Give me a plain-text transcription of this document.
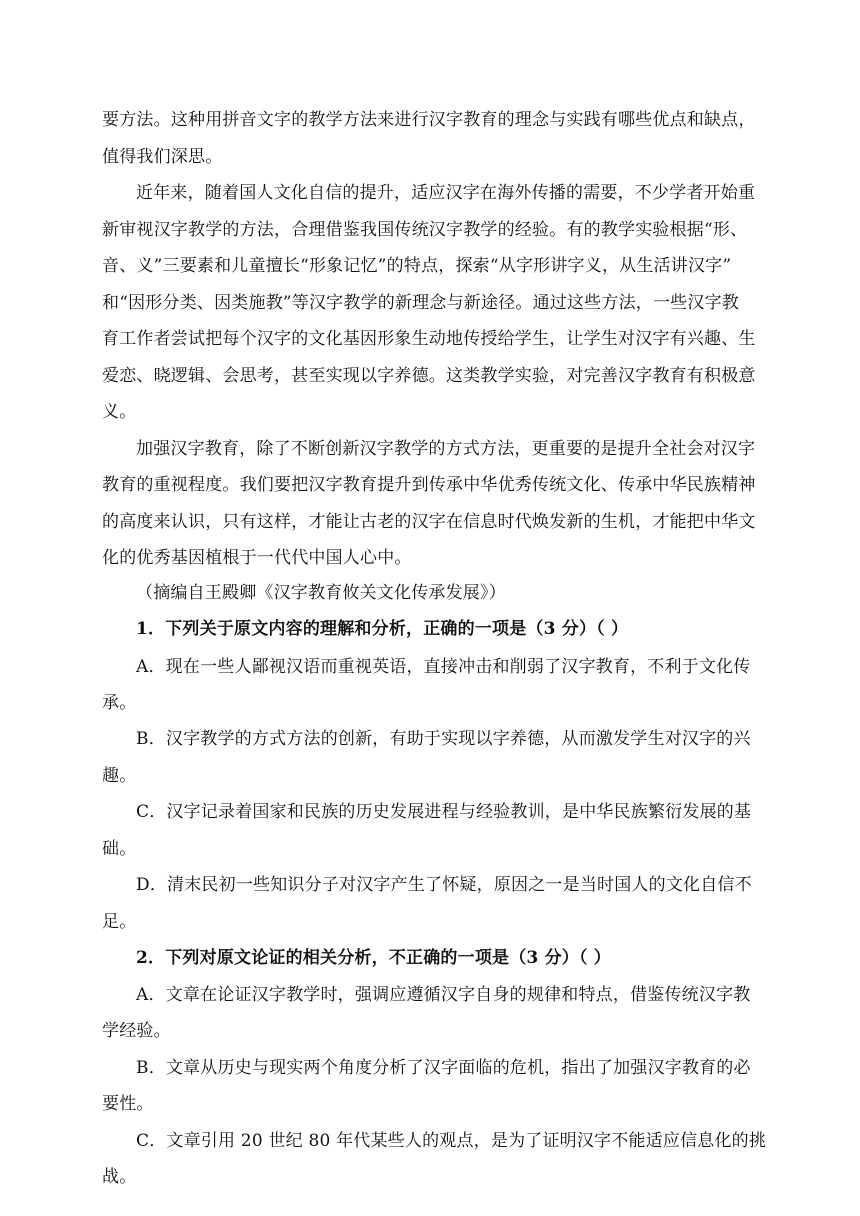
要方法。这种用拼音文字的教学方法来进行汉字教育的理念与实践有哪些优点和缺点，
值得我们深思。
近年来，随着国人文化自信的提升，适应汉字在海外传播的需要，不少学者开始重
新审视汉字教学的方法，合理借鉴我国传统汉字教学的经验。有的教学实验根据“形、
音、义”三要素和儿童擅长“形象记忆”的特点，探索“从字形讲字义，从生活讲汉字”
和“因形分类、因类施教”等汉字教学的新理念与新途径。通过这些方法，一些汉字教
育工作者尝试把每个汉字的文化基因形象生动地传授给学生，让学生对汉字有兴趣、生
爱恋、晓逻辑、会思考，甚至实现以字养德。这类教学实验，对完善汉字教育有积极意
义。
加强汉字教育，除了不断创新汉字教学的方式方法，更重要的是提升全社会对汉字
教育的重视程度。我们要把汉字教育提升到传承中华优秀传统文化、传承中华民族精神
的高度来认识，只有这样，才能让古老的汉字在信息时代焕发新的生机，才能把中华文
化的优秀基因植根于一代代中国人心中。
（摘编自王殿卿《汉字教育攸关文化传承发展》）
1．下列关于原文内容的理解和分析，正确的一项是（3 分）（ ）
A．现在一些人鄙视汉语而重视英语，直接冲击和削弱了汉字教育，不利于文化传
承。
B．汉字教学的方式方法的创新，有助于实现以字养德，从而激发学生对汉字的兴
趣。
C．汉字记录着国家和民族的历史发展进程与经验教训，是中华民族繁衍发展的基
础。
D．清末民初一些知识分子对汉字产生了怀疑，原因之一是当时国人的文化自信不
足。
2．下列对原文论证的相关分析，不正确的一项是（3 分）（ ）
A．文章在论证汉字教学时，强调应遵循汉字自身的规律和特点，借鉴传统汉字教
学经验。
B．文章从历史与现实两个角度分析了汉字面临的危机，指出了加强汉字教育的必
要性。
C．文章引用 20 世纪 80 年代某些人的观点，是为了证明汉字不能适应信息化的挑
战。
